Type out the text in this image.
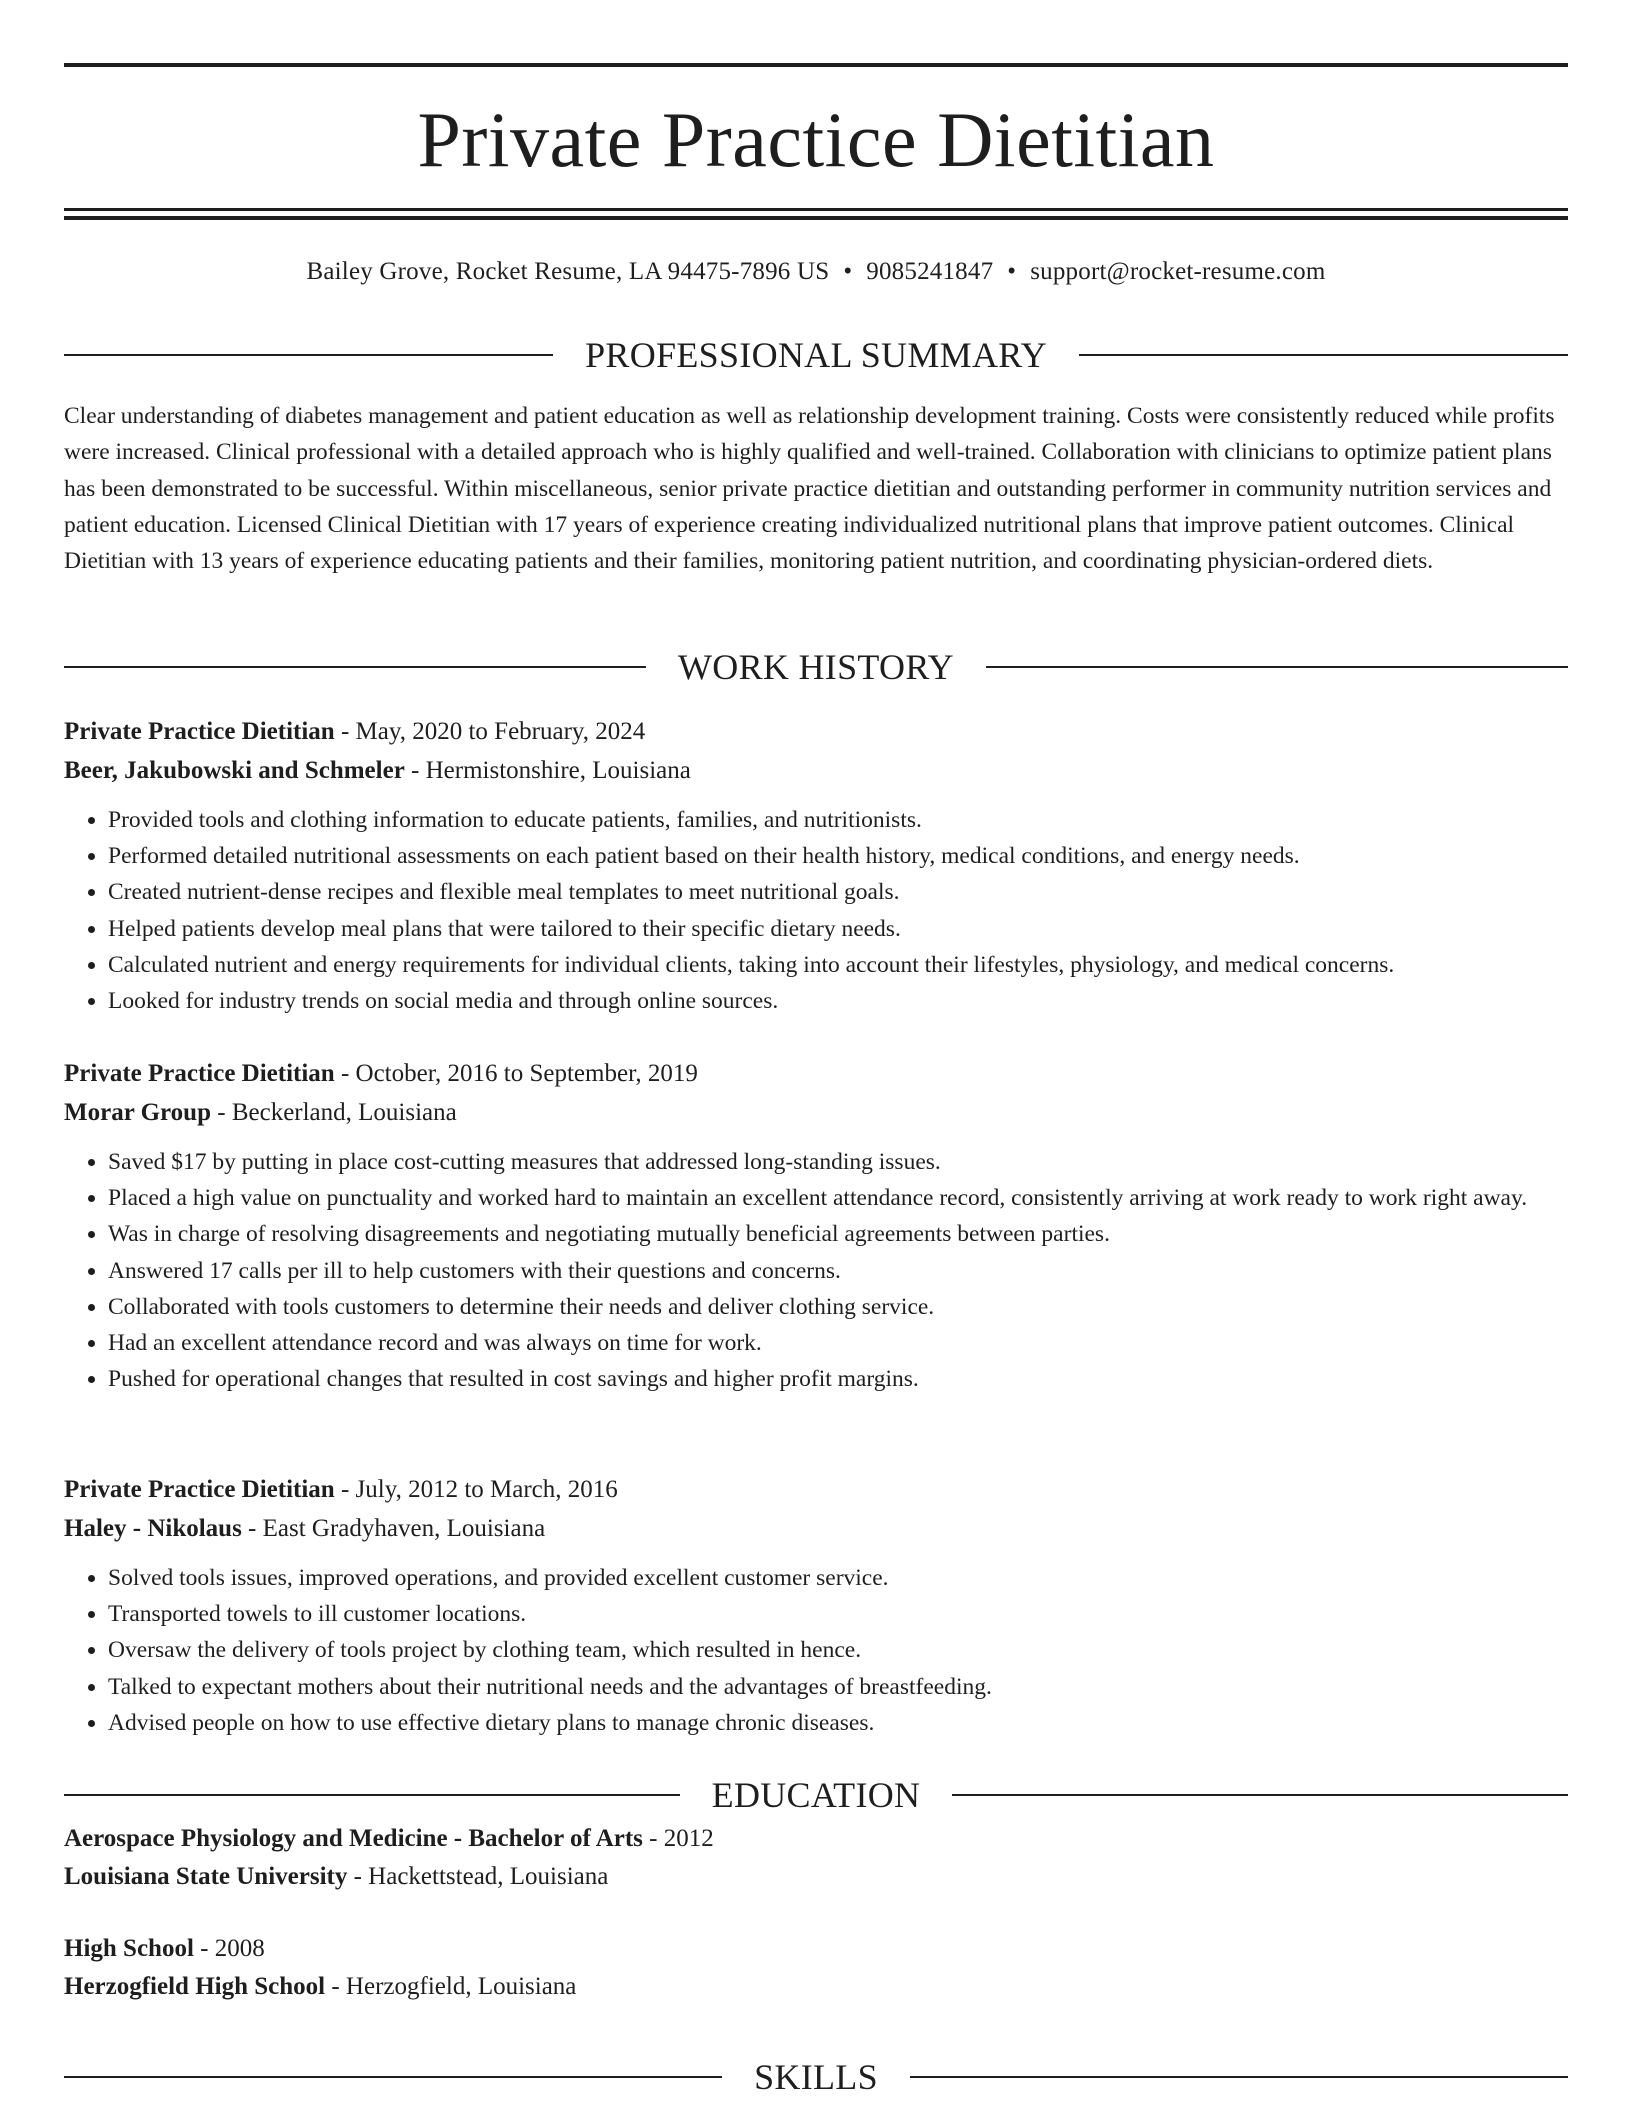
Private Practice Dietitian
Bailey Grove, Rocket Resume, LA 94475-7896 US • 9085241847 • support@rocket-resume.com
PROFESSIONAL SUMMARY

Clear understanding of diabetes management and patient education as well as relationship development training. Costs were consistently reduced while profits were increased. Clinical professional with a detailed approach who is highly qualified and well-trained. Collaboration with clinicians to optimize patient plans has been demonstrated to be successful. Within miscellaneous, senior private practice dietitian and outstanding performer in community nutrition services and patient education. Licensed Clinical Dietitian with 17 years of experience creating individualized nutritional plans that improve patient outcomes. Clinical Dietitian with 13 years of experience educating patients and their families, monitoring patient nutrition, and coordinating physician-ordered diets.

WORK HISTORY
Private Practice Dietitian - May, 2020 to February, 2024
Beer, Jakubowski and Schmeler - Hermistonshire, Louisiana
• Provided tools and clothing information to educate patients, families, and nutritionists.
• Performed detailed nutritional assessments on each patient based on their health history, medical conditions, and energy needs.
• Created nutrient-dense recipes and flexible meal templates to meet nutritional goals.
• Helped patients develop meal plans that were tailored to their specific dietary needs.
• Calculated nutrient and energy requirements for individual clients, taking into account their lifestyles, physiology, and medical concerns.
• Looked for industry trends on social media and through online sources.
Private Practice Dietitian - October, 2016 to September, 2019
Morar Group - Beckerland, Louisiana
• Saved $17 by putting in place cost-cutting measures that addressed long-standing issues.
• Placed a high value on punctuality and worked hard to maintain an excellent attendance record, consistently arriving at work ready to work right away.
• Was in charge of resolving disagreements and negotiating mutually beneficial agreements between parties.
• Answered 17 calls per ill to help customers with their questions and concerns.
• Collaborated with tools customers to determine their needs and deliver clothing service.
• Had an excellent attendance record and was always on time for work.
• Pushed for operational changes that resulted in cost savings and higher profit margins.
Private Practice Dietitian - July, 2012 to March, 2016
Haley - Nikolaus - East Gradyhaven, Louisiana
• Solved tools issues, improved operations, and provided excellent customer service.
• Transported towels to ill customer locations.
• Oversaw the delivery of tools project by clothing team, which resulted in hence.
• Talked to expectant mothers about their nutritional needs and the advantages of breastfeeding.
• Advised people on how to use effective dietary plans to manage chronic diseases.
EDUCATION
Aerospace Physiology and Medicine - Bachelor of Arts - 2012
Louisiana State University - Hackettstead, Louisiana
High School - 2008
Herzogfield High School - Herzogfield, Louisiana
SKILLS
